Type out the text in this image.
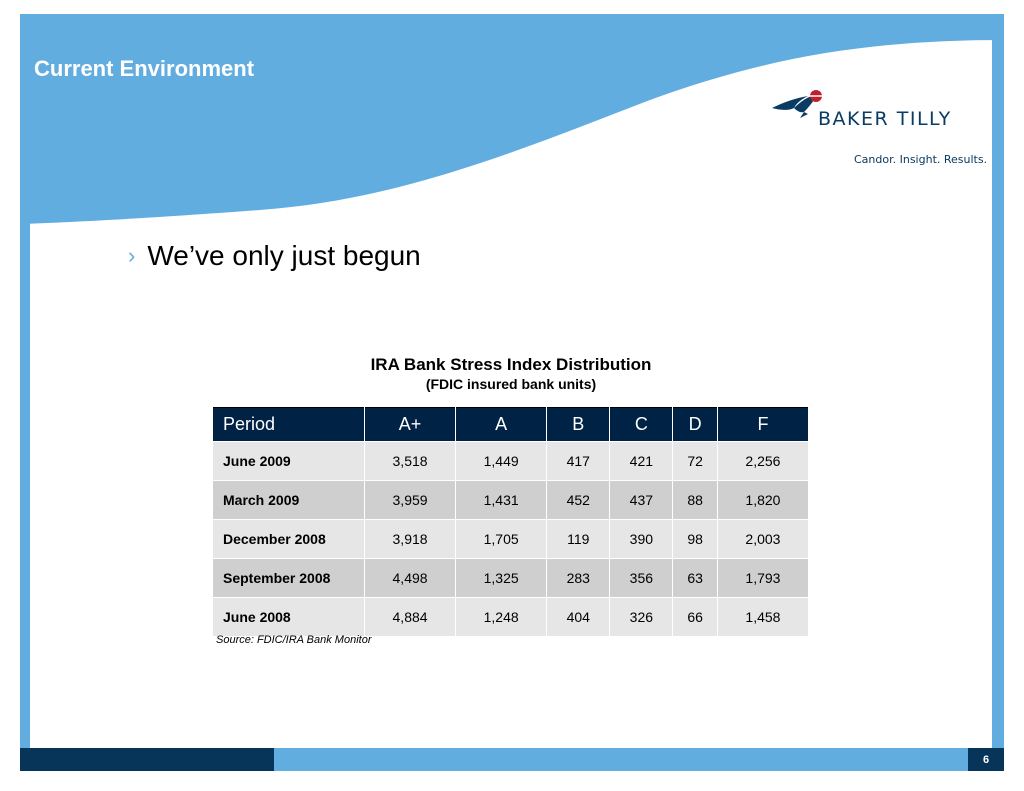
Current Environment
BAKER TILLY
Candor. Insight. Results.
› We’ve only just begun
IRA Bank Stress Index Distribution
(FDIC insured bank units)
Period	A+	A	B	C	D	F
June 2009	3,518	1,449	417	421	72	2,256
March 2009	3,959	1,431	452	437	88	1,820
December 2008	3,918	1,705	119	390	98	2,003
September 2008	4,498	1,325	283	356	63	1,793
June 2008	4,884	1,248	404	326	66	1,458
Source: FDIC/IRA Bank Monitor
6
